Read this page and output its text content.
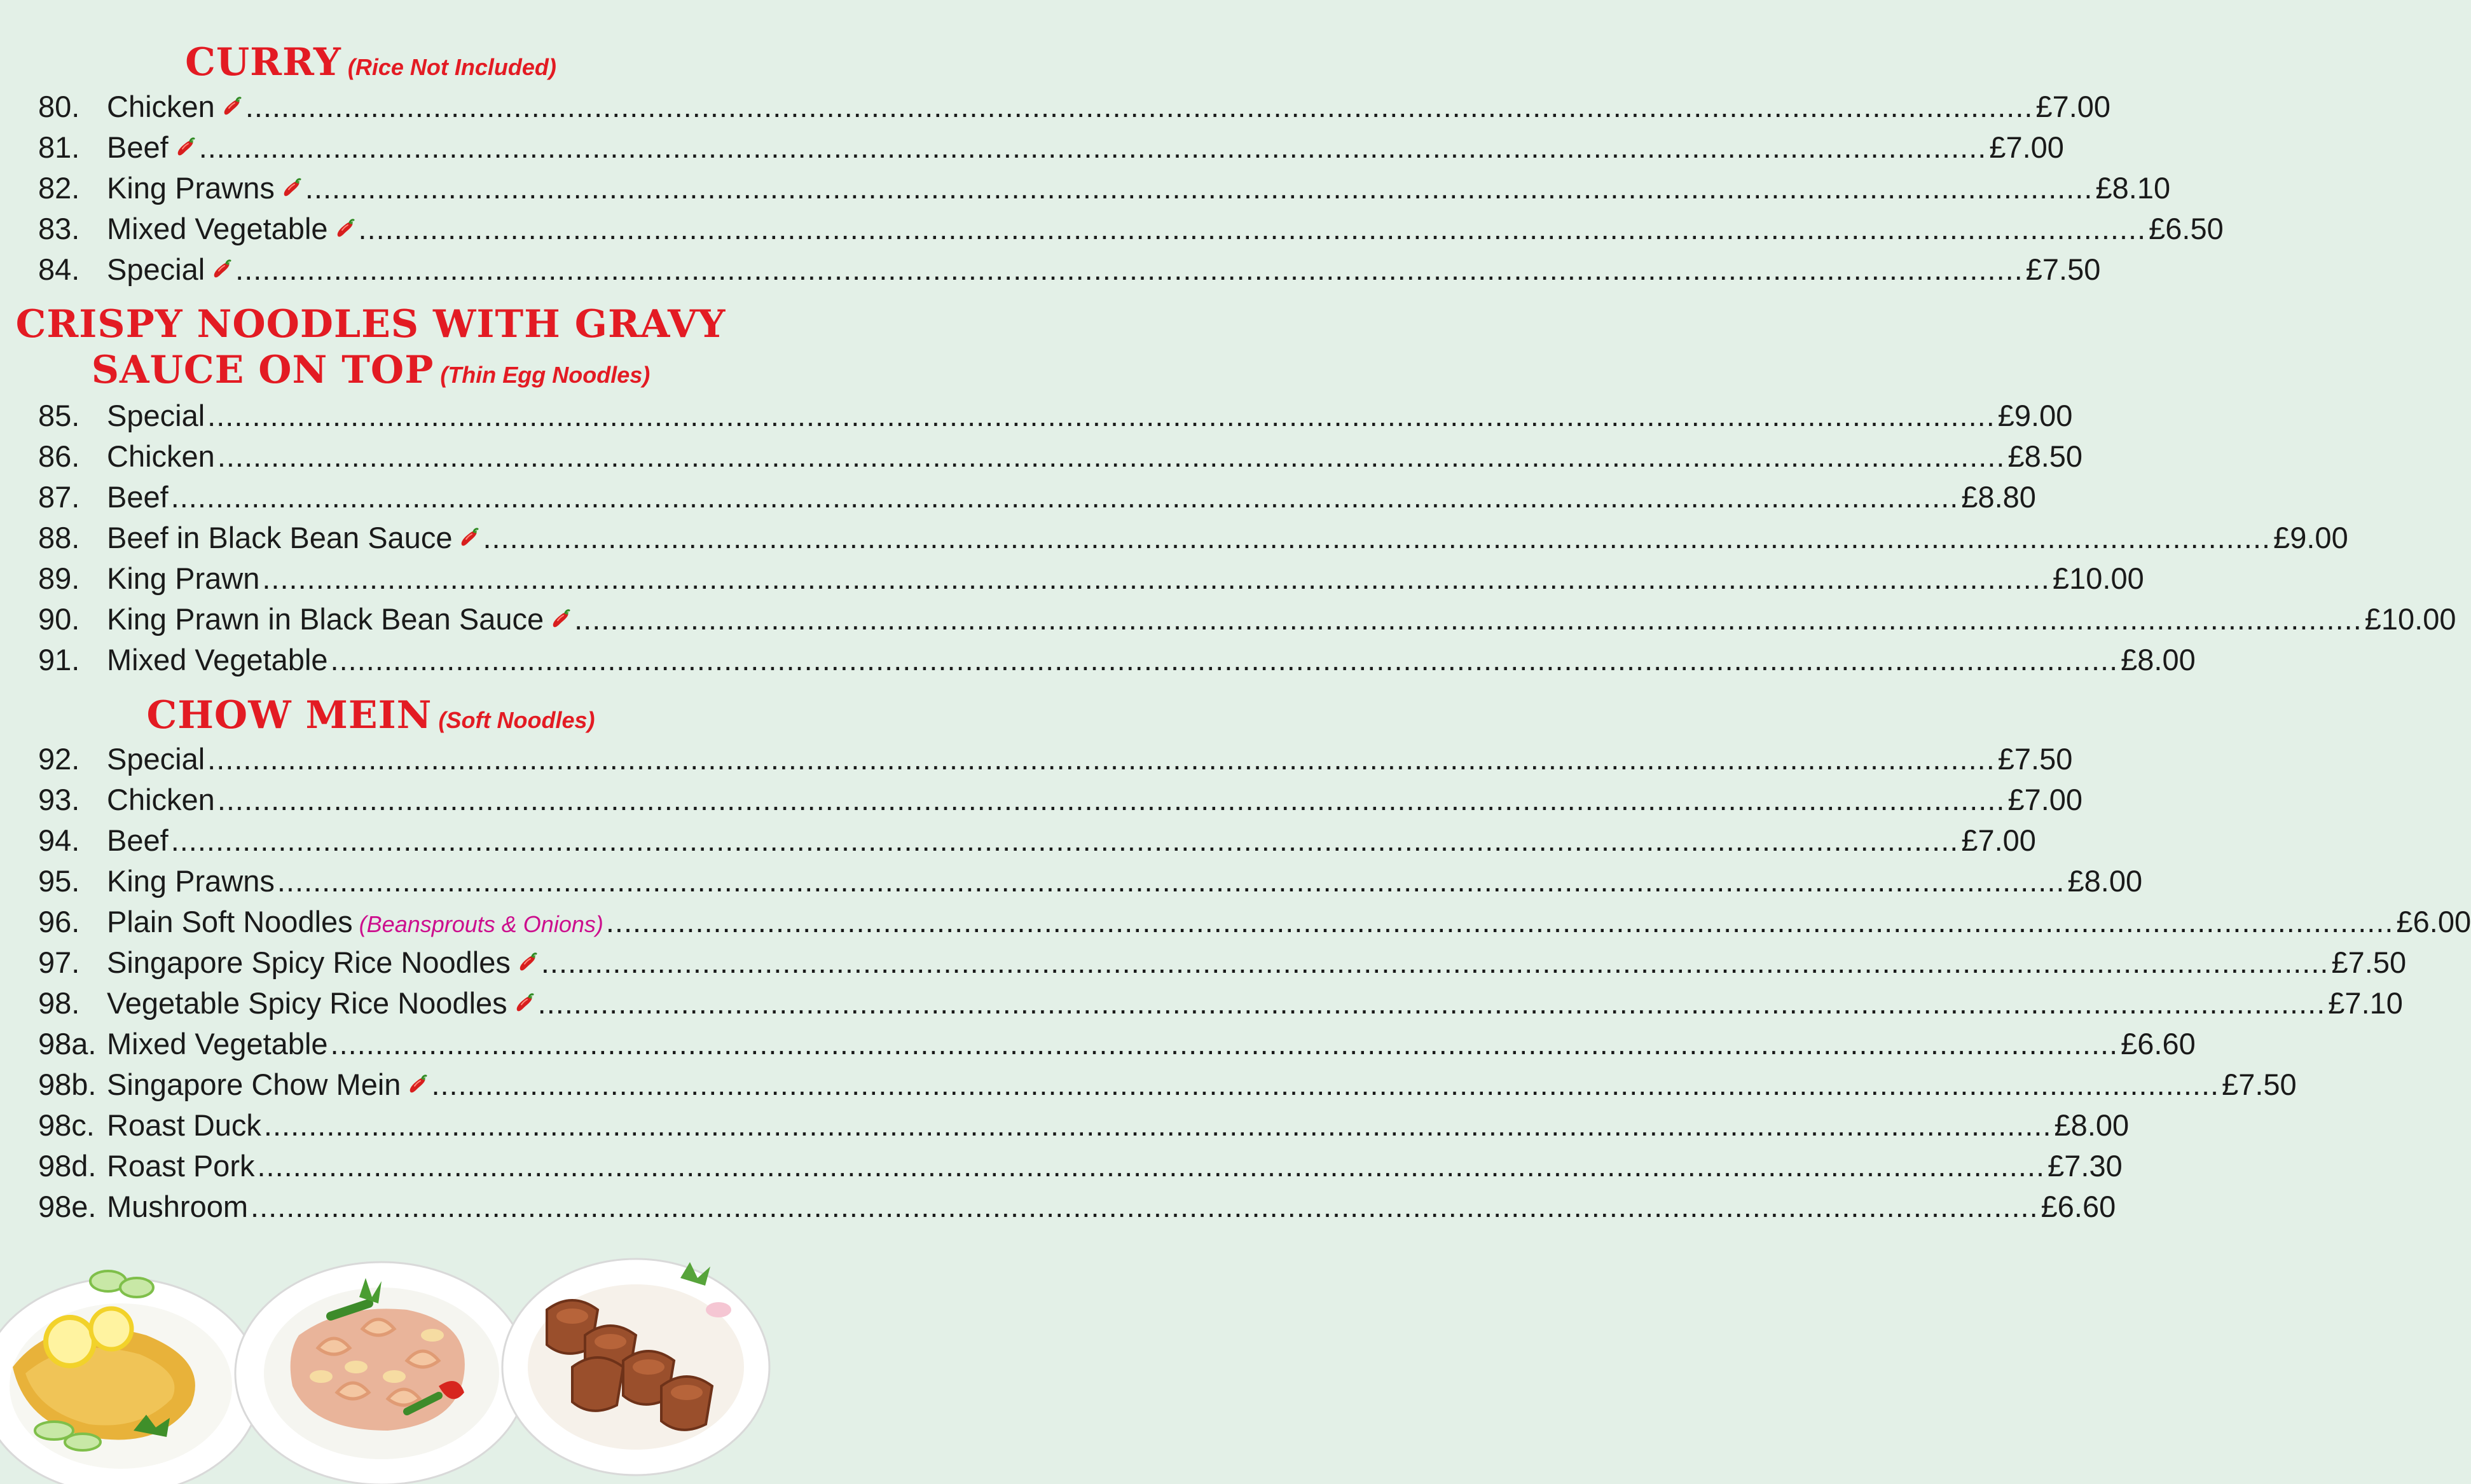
CURRY (Rice Not Included)
80. Chicken ........................................................................................................................................................................................................ £7.00
81. Beef ........................................................................................................................................................................................................ £7.00
82. King Prawns ........................................................................................................................................................................................................ £8.10
83. Mixed Vegetable ........................................................................................................................................................................................................ £6.50
84. Special ........................................................................................................................................................................................................ £7.50
CRISPY NOODLES WITH GRAVY
SAUCE ON TOP (Thin Egg Noodles)
85. Special ........................................................................................................................................................................................................ £9.00
86. Chicken ........................................................................................................................................................................................................ £8.50
87. Beef ........................................................................................................................................................................................................ £8.80
88. Beef in Black Bean Sauce ........................................................................................................................................................................................................ £9.00
89. King Prawn ........................................................................................................................................................................................................ £10.00
90. King Prawn in Black Bean Sauce ........................................................................................................................................................................................................ £10.00
91. Mixed Vegetable ........................................................................................................................................................................................................ £8.00
CHOW MEIN (Soft Noodles)
92. Special ........................................................................................................................................................................................................ £7.50
93. Chicken ........................................................................................................................................................................................................ £7.00
94. Beef ........................................................................................................................................................................................................ £7.00
95. King Prawns ........................................................................................................................................................................................................ £8.00
96. Plain Soft Noodles (Beansprouts & Onions) ........................................................................................................................................................................................................ £6.00
97. Singapore Spicy Rice Noodles ........................................................................................................................................................................................................ £7.50
98. Vegetable Spicy Rice Noodles ........................................................................................................................................................................................................ £7.10
98a. Mixed Vegetable ........................................................................................................................................................................................................ £6.60
98b. Singapore Chow Mein ........................................................................................................................................................................................................ £7.50
98c. Roast Duck ........................................................................................................................................................................................................ £8.00
98d. Roast Pork ........................................................................................................................................................................................................ £7.30
98e. Mushroom ........................................................................................................................................................................................................ £6.60
